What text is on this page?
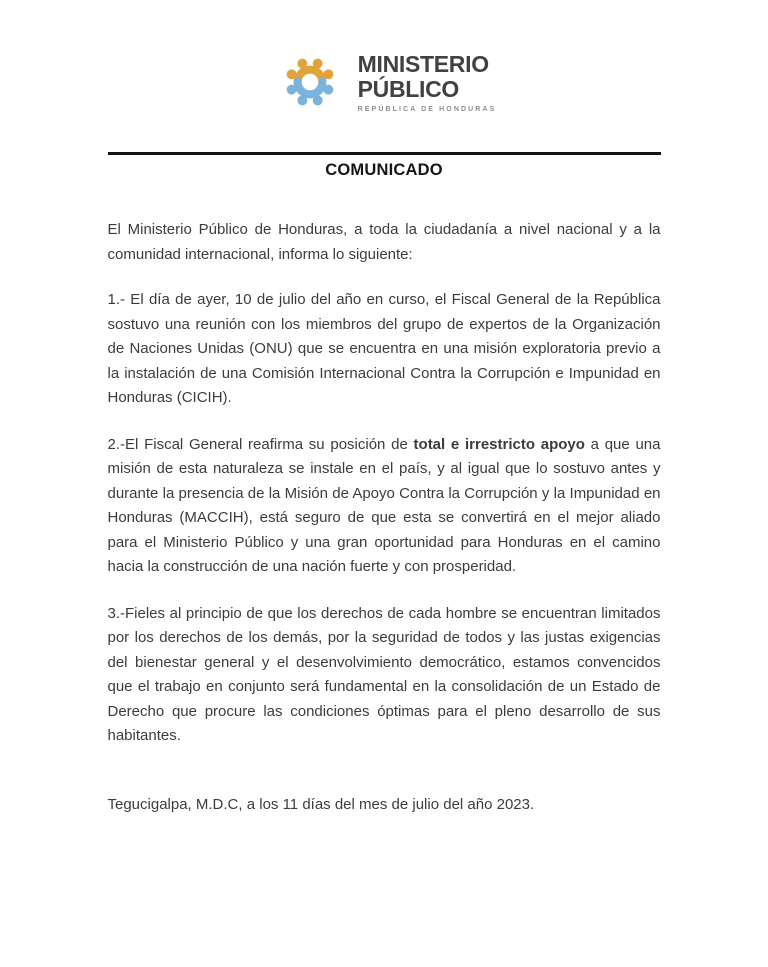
MINISTERIO
PÚBLICO
REPÚBLICA DE HONDURAS
COMUNICADO

El Ministerio Público de Honduras, a toda la ciudadanía a nivel nacional y a la comunidad internacional, informa lo siguiente:

1.- El día de ayer, 10 de julio del año en curso, el Fiscal General de la República sostuvo una reunión con los miembros del grupo de expertos de la Organización de Naciones Unidas (ONU) que se encuentra en una misión exploratoria previo a la instalación de una Comisión Internacional Contra la Corrupción e Impunidad en Honduras (CICIH).

2.-El Fiscal General reafirma su posición de total e irrestricto apoyo a que una misión de esta naturaleza se instale en el país, y al igual que lo sostuvo antes y durante la presencia de la Misión de Apoyo Contra la Corrupción y la Impunidad en Honduras (MACCIH), está seguro de que esta se convertirá en el mejor aliado para el Ministerio Público y una gran oportunidad para Honduras en el camino hacia la construcción de una nación fuerte y con prosperidad.

3.-Fieles al principio de que los derechos de cada hombre se encuentran limitados por los derechos de los demás, por la seguridad de todos y las justas exigencias del bienestar general y el desenvolvimiento democrático, estamos convencidos que el trabajo en conjunto será fundamental en la consolidación de un Estado de Derecho que procure las condiciones óptimas para el pleno desarrollo de sus habitantes.

Tegucigalpa, M.D.C, a los 11 días del mes de julio del año 2023.
